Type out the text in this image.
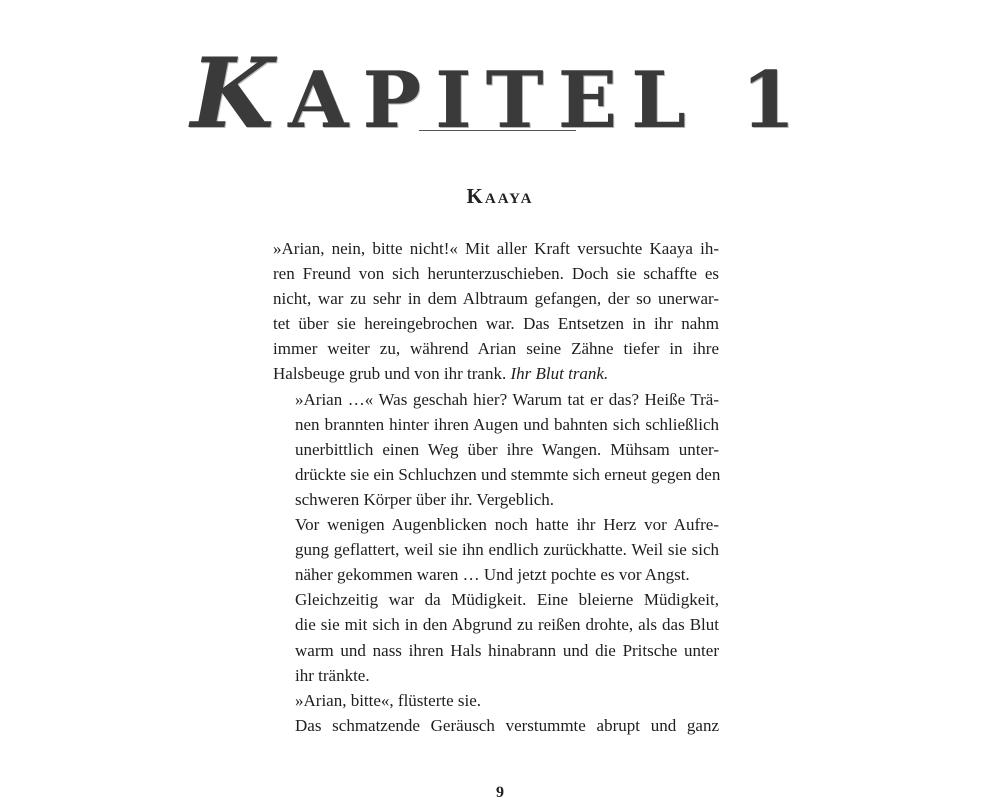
KAPITEL 1
Kaaya

»Arian, nein, bitte nicht!« Mit aller Kraft versuchte Kaaya ih-
ren Freund von sich herunterzuschieben. Doch sie schaffte es
nicht, war zu sehr in dem Albtraum gefangen, der so unerwar-
tet über sie hereingebrochen war. Das Entsetzen in ihr nahm
immer weiter zu, während Arian seine Zähne tiefer in ihre
Halsbeuge grub und von ihr trank. Ihr Blut trank.

»Arian …« Was geschah hier? Warum tat er das? Heiße Trä-
nen brannten hinter ihren Augen und bahnten sich schließlich
unerbittlich einen Weg über ihre Wangen. Mühsam unter-
drückte sie ein Schluchzen und stemmte sich erneut gegen den
schweren Körper über ihr. Vergeblich.

Vor wenigen Augenblicken noch hatte ihr Herz vor Aufre-
gung geflattert, weil sie ihn endlich zurückhatte. Weil sie sich
näher gekommen waren … Und jetzt pochte es vor Angst.

Gleichzeitig war da Müdigkeit. Eine bleierne Müdigkeit,
die sie mit sich in den Abgrund zu reißen drohte, als das Blut
warm und nass ihren Hals hinabrann und die Pritsche unter
ihr tränkte.

»Arian, bitte«, flüsterte sie.

Das schmatzende Geräusch verstummte abrupt und ganz

9
